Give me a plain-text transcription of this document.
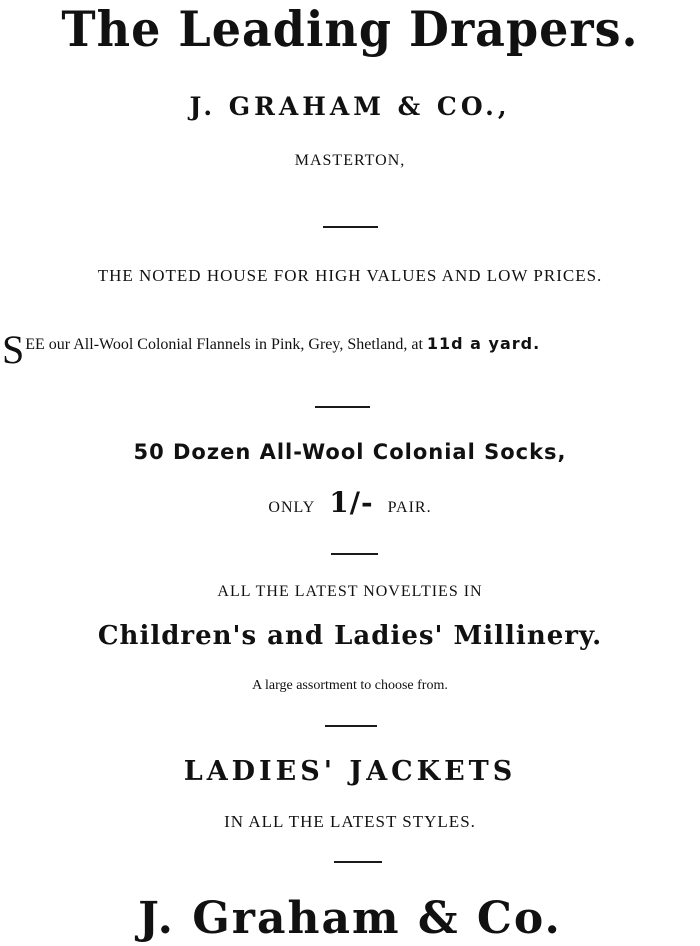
The Leading Drapers.
J. GRAHAM & CO.,
MASTERTON,
THE NOTED HOUSE FOR HIGH VALUES AND LOW PRICES.
SEE our All-Wool Colonial Flannels in Pink, Grey, Shetland, at 11d a yard.
50 Dozen All-Wool Colonial Socks,
ONLY 1/- PAIR.
ALL THE LATEST NOVELTIES IN
Children's and Ladies' Millinery.
A large assortment to choose from.
LADIES' JACKETS
IN ALL THE LATEST STYLES.
J. Graham & Co.
